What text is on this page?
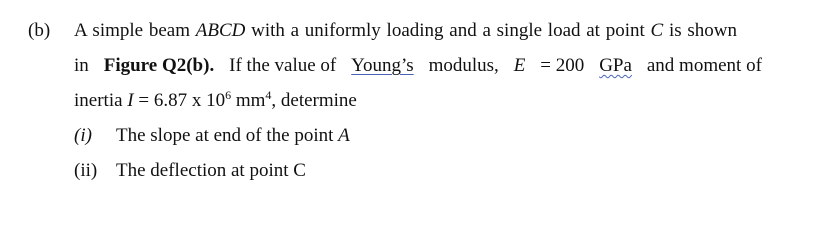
(b) A simple beam ABCD with a uniformly loading and a single load at point C is shown
in Figure Q2(b). If the value of Young’s modulus, E = 200 GPa and moment of
inertia I = 6.87 x $10^6$ $mm^4$, determine
(i) The slope at end of the point A
(ii) The deflection at point C
